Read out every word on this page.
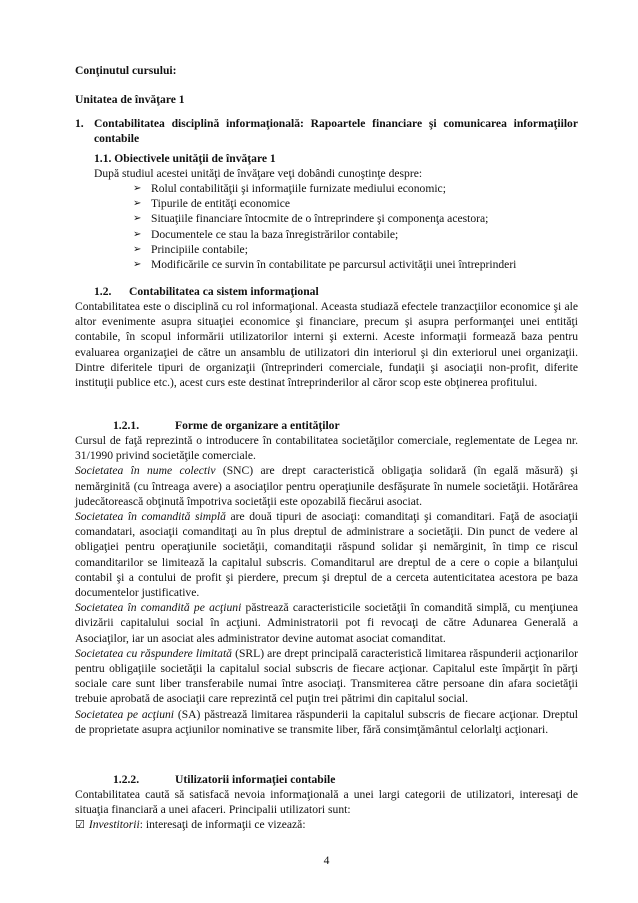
Conţinutul cursului:
Unitatea de învăţare 1
1. Contabilitatea disciplină informaţională: Rapoartele financiare şi comunicarea informaţiilor contabile
1.1. Obiectivele unităţii de învăţare 1
După studiul acestei unităţi de învăţare veţi dobândi cunoştinţe despre:
➢ Rolul contabilităţii şi informaţiile furnizate mediului economic;
➢ Tipurile de entităţi economice
➢ Situaţiile financiare întocmite de o întreprindere şi componenţa acestora;
➢ Documentele ce stau la baza înregistrărilor contabile;
➢ Principiile contabile;
➢ Modificările ce survin în contabilitate pe parcursul activităţii unei întreprinderi
1.2. Contabilitatea ca sistem informaţional

Contabilitatea este o disciplină cu rol informaţional. Aceasta studiază efectele tranzacţiilor economice şi ale altor evenimente asupra situaţiei economice şi financiare, precum şi asupra performanţei unei entităţi contabile, în scopul informării utilizatorilor interni şi externi. Aceste informaţii formează baza pentru evaluarea organizaţiei de către un ansamblu de utilizatori din interiorul şi din exteriorul unei organizaţii. Dintre diferitele tipuri de organizaţii (întreprinderi comerciale, fundaţii şi asociaţii non-profit, diferite instituţii publice etc.), acest curs este destinat întreprinderilor al căror scop este obţinerea profitului.

1.2.1.	Forme de organizare a entităţilor
Cursul de faţă reprezintă o introducere în contabilitatea societăţilor comerciale, reglementate de Legea nr. 31/1990 privind societăţile comerciale.
Societatea în nume colectiv (SNC) are drept caracteristică obligaţia solidară (în egală măsură) şi nemărginită (cu întreaga avere) a asociaţilor pentru operaţiunile desfăşurate în numele societăţii. Hotărârea judecătorească obţinută împotriva societăţii este opozabilă fiecărui asociat.
Societatea în comandită simplă are două tipuri de asociaţi: comanditaţi şi comanditari. Faţă de asociaţii comandatari, asociaţii comanditaţi au în plus dreptul de administrare a societăţii. Din punct de vedere al obligaţiei pentru operaţiunile societăţii, comanditaţii răspund solidar şi nemărginit, în timp ce riscul comanditarilor se limitează la capitalul subscris. Comanditarul are dreptul de a cere o copie a bilanţului contabil şi a contului de profit şi pierdere, precum şi dreptul de a cerceta autenticitatea acestora pe baza documentelor justificative.
Societatea în comandită pe acţiuni păstrează caracteristicile societăţii în comandită simplă, cu menţiunea divizării capitalului social în acţiuni. Administratorii pot fi revocaţi de către Adunarea Generală a Asociaţilor, iar un asociat ales administrator devine automat asociat comanditat.
Societatea cu răspundere limitată (SRL) are drept principală caracteristică limitarea răspunderii acţionarilor pentru obligaţiile societăţii la capitalul social subscris de fiecare acţionar. Capitalul este împărţit în părţi sociale care sunt liber transferabile numai între asociaţi. Transmiterea către persoane din afara societăţii trebuie aprobată de asociaţii care reprezintă cel puţin trei pătrimi din capitalul social.
Societatea pe acţiuni (SA) păstrează limitarea răspunderii la capitalul subscris de fiecare acţionar. Dreptul de proprietate asupra acţiunilor nominative se transmite liber, fără consimţământul celorlalţi acţionari.
1.2.2.	Utilizatorii informaţiei contabile

Contabilitatea caută să satisfacă nevoia informaţională a unei largi categorii de utilizatori, interesaţi de situaţia financiară a unei afaceri. Principalii utilizatori sunt:

☑ Investitorii: interesaţi de informaţii ce vizează:
4
